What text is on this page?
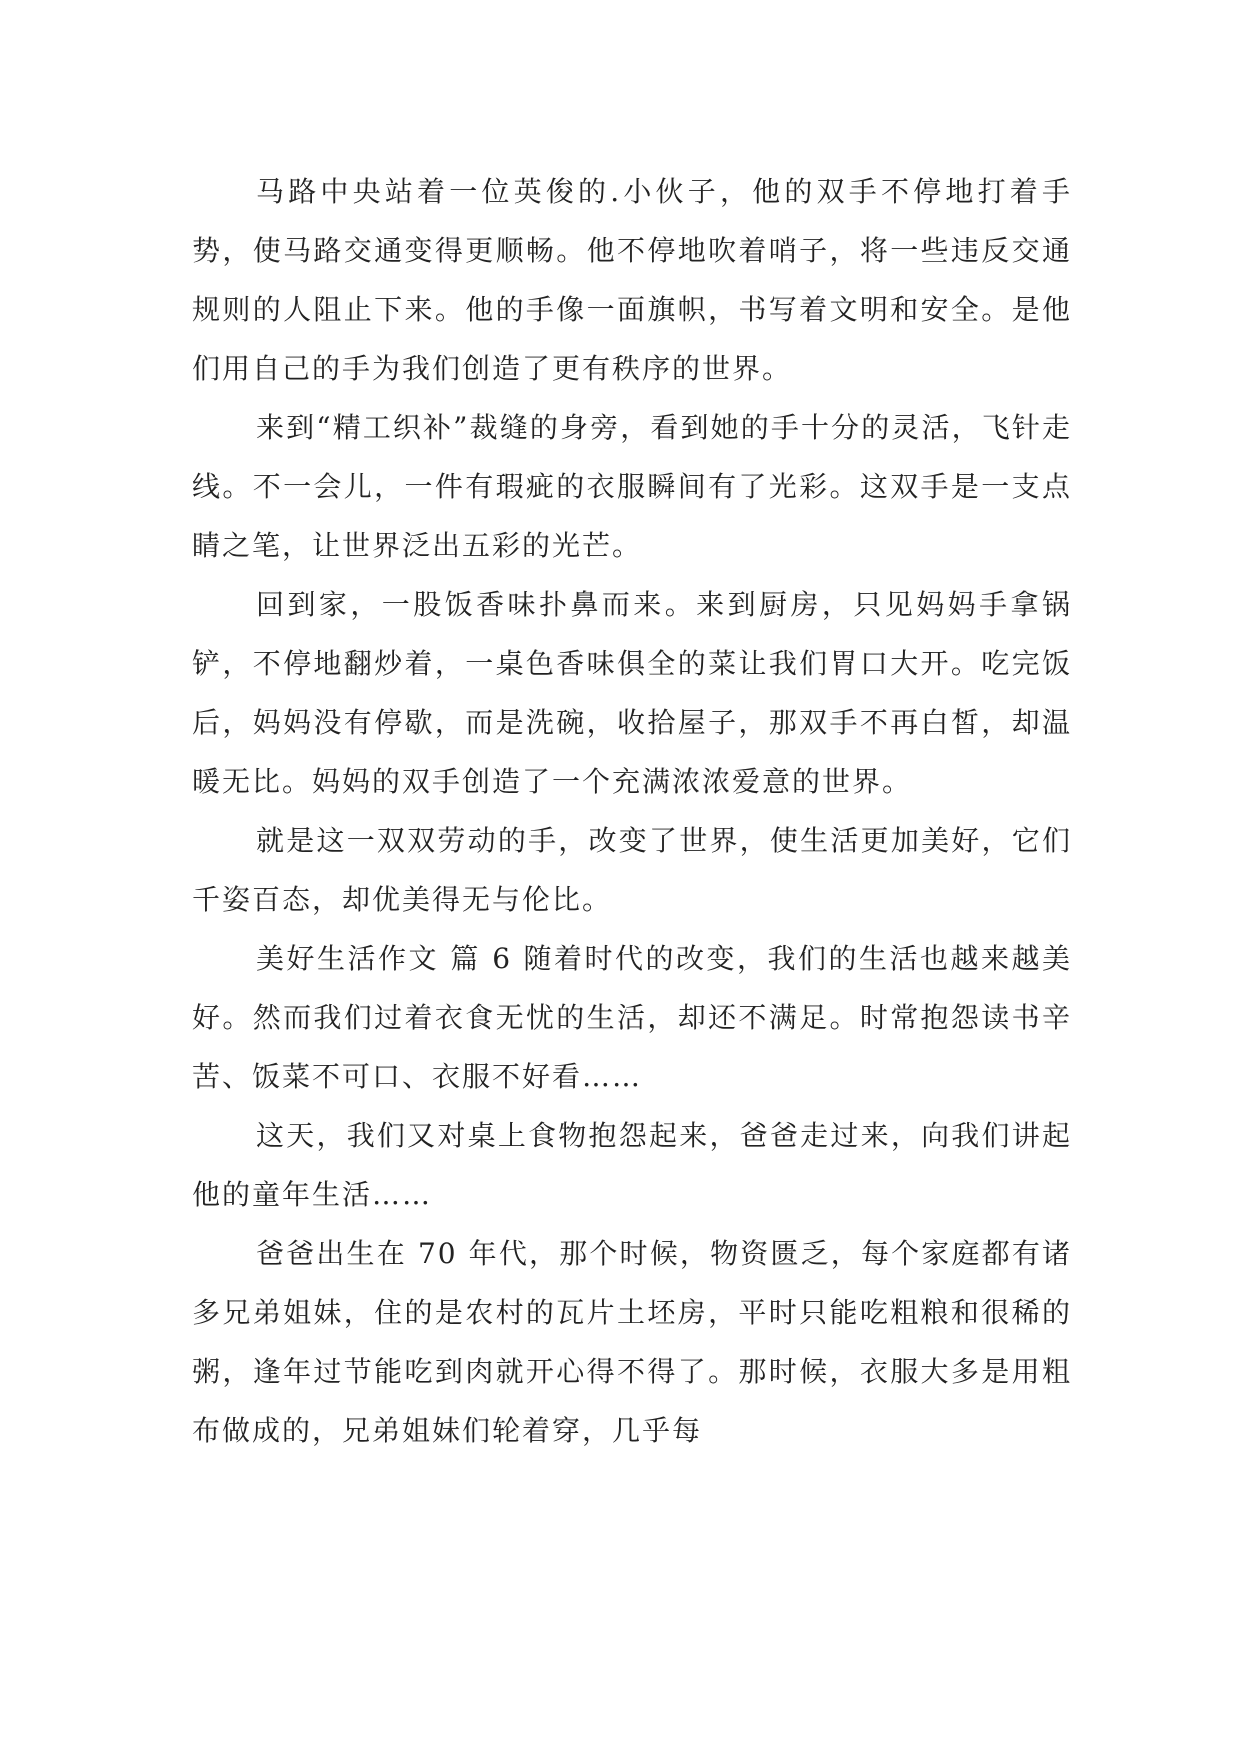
马路中央站着一位英俊的.小伙子，他的双手不停地打着手势，使马路交通变得更顺畅。他不停地吹着哨子，将一些违反交通规则的人阻止下来。他的手像一面旗帜，书写着文明和安全。是他们用自己的手为我们创造了更有秩序的世界。

来到“精工织补”裁缝的身旁，看到她的手十分的灵活，飞针走线。不一会儿，一件有瑕疵的衣服瞬间有了光彩。这双手是一支点睛之笔，让世界泛出五彩的光芒。

回到家，一股饭香味扑鼻而来。来到厨房，只见妈妈手拿锅铲，不停地翻炒着，一桌色香味俱全的菜让我们胃口大开。吃完饭后，妈妈没有停歇，而是洗碗，收拾屋子，那双手不再白皙，却温暖无比。妈妈的双手创造了一个充满浓浓爱意的世界。

就是这一双双劳动的手，改变了世界，使生活更加美好，它们千姿百态，却优美得无与伦比。

美好生活作文 篇 6 随着时代的改变，我们的生活也越来越美好。然而我们过着衣食无忧的生活，却还不满足。时常抱怨读书辛苦、饭菜不可口、衣服不好看……

这天，我们又对桌上食物抱怨起来，爸爸走过来，向我们讲起他的童年生活……

爸爸出生在 70 年代，那个时候，物资匮乏，每个家庭都有诸多兄弟姐妹，住的是农村的瓦片土坯房，平时只能吃粗粮和很稀的粥，逢年过节能吃到肉就开心得不得了。那时候，衣服大多是用粗布做成的，兄弟姐妹们轮着穿，几乎每
